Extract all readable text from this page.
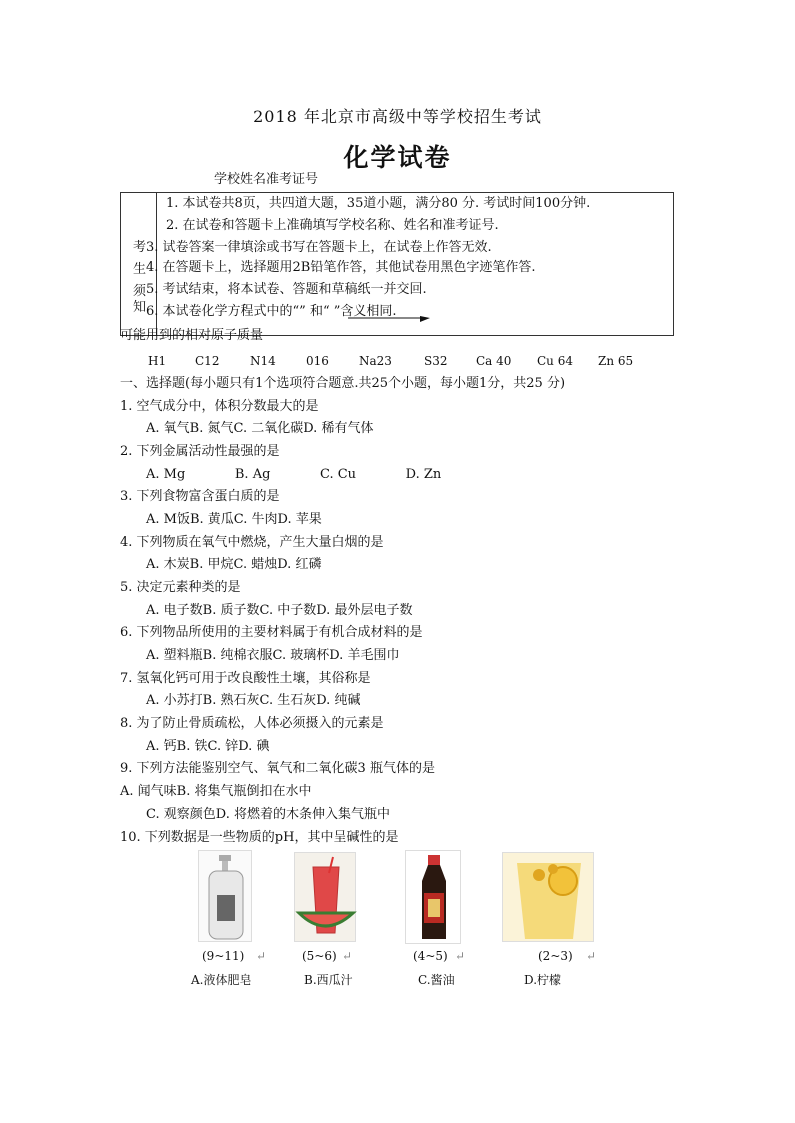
2018 年北京市高级中等学校招生考试
化学试卷
学校姓名准考证号
考
生
须
知
1. 本试卷共8页，共四道大题，35道小题，满分80 分. 考试时间100分钟.
2. 在试卷和答题卡上准确填写学校名称、姓名和准考证号.
3. 试卷答案一律填涂或书写在答题卡上，在试卷上作答无效.
4. 在答题卡上，选择题用2B铅笔作答，其他试卷用黑色字迹笔作答.
5. 考试结束，将本试卷、答题和草稿纸一并交回.
6. 本试卷化学方程式中的“” 和“ ”含义相同.
可能用到的相对原子质量
H1 C12	N14	016	Na23	S32 Ca 40 Cu 64 Zn 65
一、选择题(每小题只有1个选项符合题意.共25个小题，每小题1分，共25 分)
1. 空气成分中，体积分数最大的是
A. 氧气B. 氮气C. 二氧化碳D. 稀有气体
2. 下列金属活动性最强的是
A. Mg            B. Ag            C. Cu            D. Zn
3. 下列食物富含蛋白质的是
A. M饭B. 黄瓜C. 牛肉D. 苹果
4. 下列物质在氧气中燃烧，产生大量白烟的是
A. 木炭B. 甲烷C. 蜡烛D. 红磷
5. 决定元素种类的是
A. 电子数B. 质子数C. 中子数D. 最外层电子数
6. 下列物品所使用的主要材料属于有机合成材料的是
A. 塑料瓶B. 纯棉衣服C. 玻璃杯D. 羊毛围巾
7. 氢氧化钙可用于改良酸性土壤，其俗称是
A. 小苏打B. 熟石灰C. 生石灰D. 纯碱
8. 为了防止骨质疏松，人体必须摄入的元素是
A. 钙B. 铁C. 锌D. 碘
9. 下列方法能鉴别空气、氧气和二氧化碳3 瓶气体的是
A. 闻气味B. 将集气瓶倒扣在水中
C. 观察颜色D. 将燃着的木条伸入集气瓶中
10. 下列数据是一些物质的pH，其中呈碱性的是
(9~11) ↵	(5~6) ↵	(4~5) ↵	(2~3) ↵
A.液体肥皂	B.西瓜汁	C.酱油	D.柠檬
